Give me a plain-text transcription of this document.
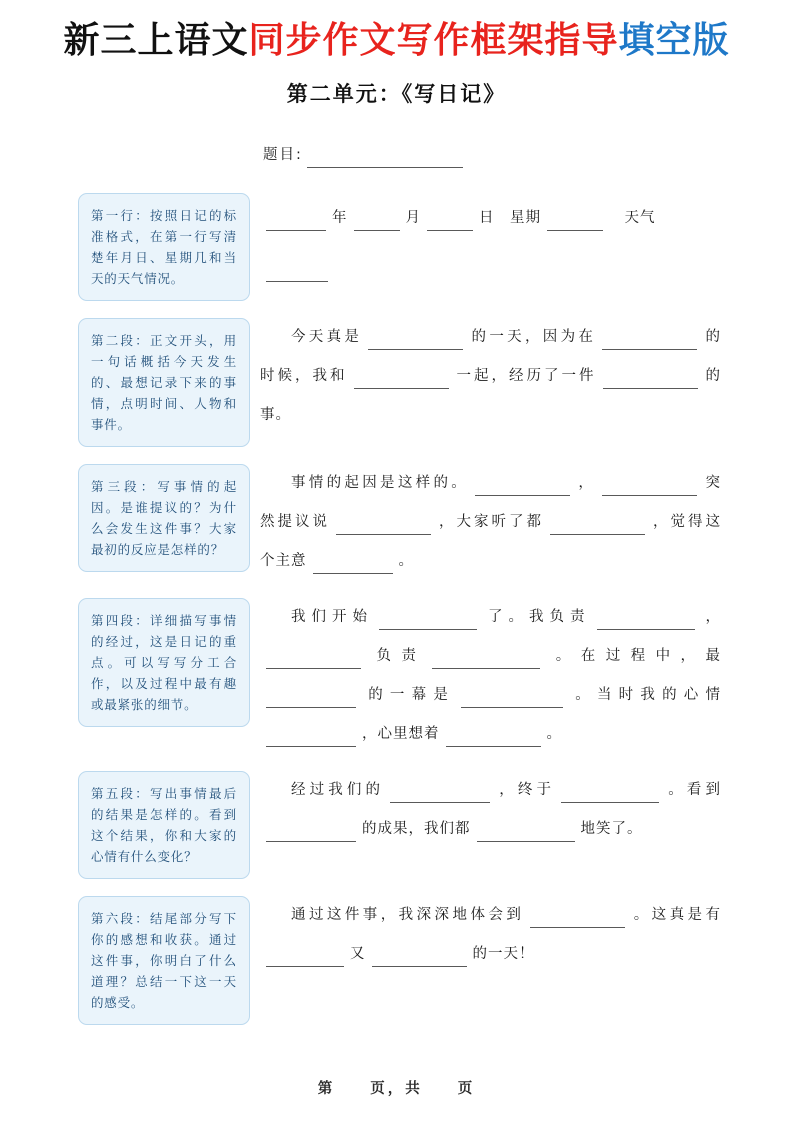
新三上语文同步作文写作框架指导填空版
第二单元：《写日记》
题目:
第一行：按照日记的标准格式，在第一行写清楚年月日、星期几和当天的天气情况。
年	月	日　星期	　天气
第二段：正文开头，用一句话概括今天发生的、最想记录下来的事情，点明时间、人物和事件。
今天真是	的一天，因为在	的
时候，我和	一起，经历了一件	的
事。
第三段：写事情的起因。是谁提议的？为什么会发生这件事？大家最初的反应是怎样的？
事情的起因是这样的。	，	突
然提议说	，大家听了都	，觉得这
个主意	。
第四段：详细描写事情的经过，这是日记的重点。可以写写分工合作，以及过程中最有趣或最紧张的细节。
我们开始	了。我负责	，
负责	。在过程中，最
的一幕是	。当时我的心情
，心里想着	。
第五段：写出事情最后的结果是怎样的。看到这个结果，你和大家的心情有什么变化？
经过我们的	，终于	。看到
的成果，我们都	地笑了。
第六段：结尾部分写下你的感想和收获。通过这件事，你明白了什么道理？总结一下这一天的感受。
通过这件事，我深深地体会到	。这真是有
又	的一天！
第　　页，共　　页
